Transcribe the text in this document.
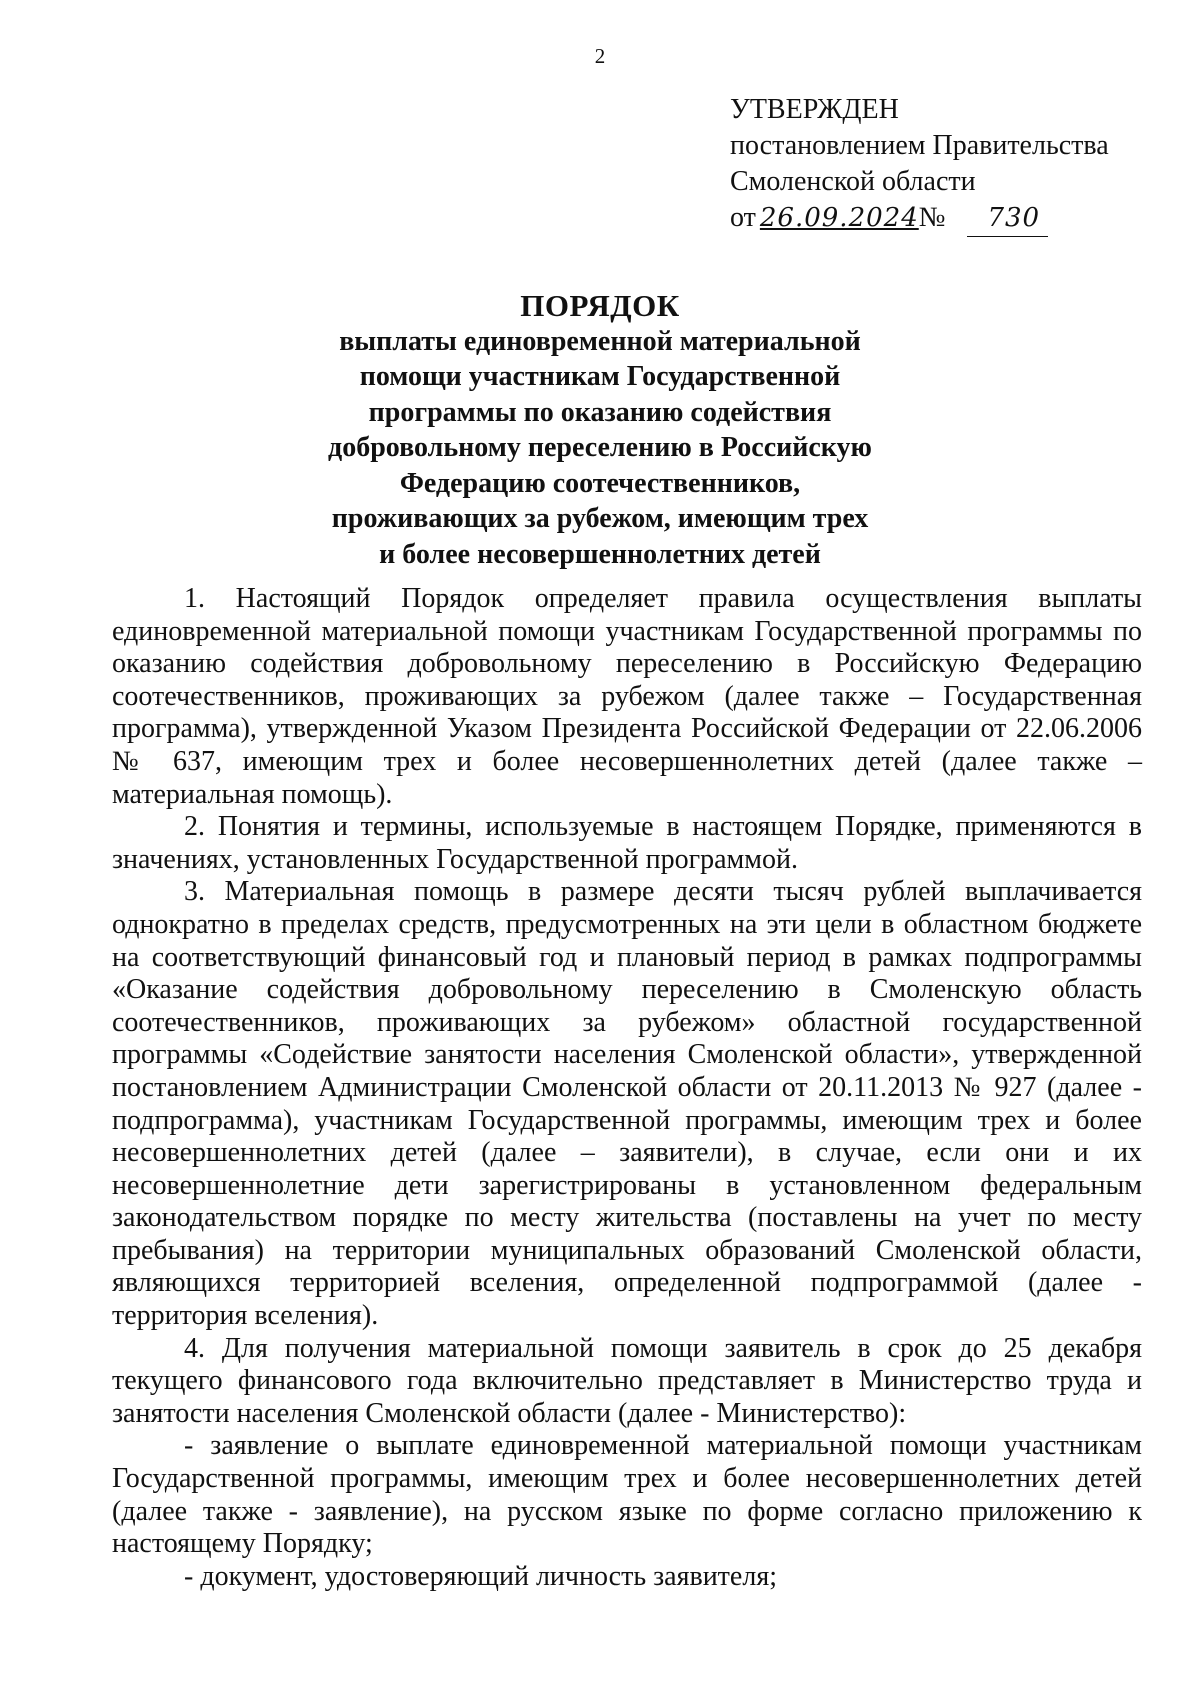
2
УТВЕРЖДЕН
постановлением Правительства
Смоленской области
от 26.09.2024 №	730
ПОРЯДОК
выплаты единовременной материальной
помощи участникам Государственной
программы по оказанию содействия
добровольному переселению в Российскую
Федерацию соотечественников,
проживающих за рубежом, имеющим трех
и более несовершеннолетних детей

1. Настоящий Порядок определяет правила осуществления выплаты единовременной материальной помощи участникам Государственной программы по оказанию содействия добровольному переселению в Российскую Федерацию соотечественников, проживающих за рубежом (далее также – Государственная программа), утвержденной Указом Президента Российской Федерации от 22.06.2006 № 637, имеющим трех и более несовершеннолетних детей (далее также – материальная помощь).

2. Понятия и термины, используемые в настоящем Порядке, применяются в значениях, установленных Государственной программой.

3. Материальная помощь в размере десяти тысяч рублей выплачивается однократно в пределах средств, предусмотренных на эти цели в областном бюджете на соответствующий финансовый год и плановый период в рамках подпрограммы «Оказание содействия добровольному переселению в Смоленскую область соотечественников, проживающих за рубежом» областной государственной программы «Содействие занятости населения Смоленской области», утвержденной постановлением Администрации Смоленской области от 20.11.2013 № 927 (далее - подпрограмма), участникам Государственной программы, имеющим трех и более несовершеннолетних детей (далее – заявители), в случае, если они и их несовершеннолетние дети зарегистрированы в установленном федеральным законодательством порядке по месту жительства (поставлены на учет по месту пребывания) на территории муниципальных образований Смоленской области, являющихся территорией вселения, определенной подпрограммой (далее - территория вселения).

4. Для получения материальной помощи заявитель в срок до 25 декабря текущего финансового года включительно представляет в Министерство труда и занятости населения Смоленской области (далее - Министерство):

- заявление о выплате единовременной материальной помощи участникам Государственной программы, имеющим трех и более несовершеннолетних детей (далее также - заявление), на русском языке по форме согласно приложению к настоящему Порядку;

- документ, удостоверяющий личность заявителя;
